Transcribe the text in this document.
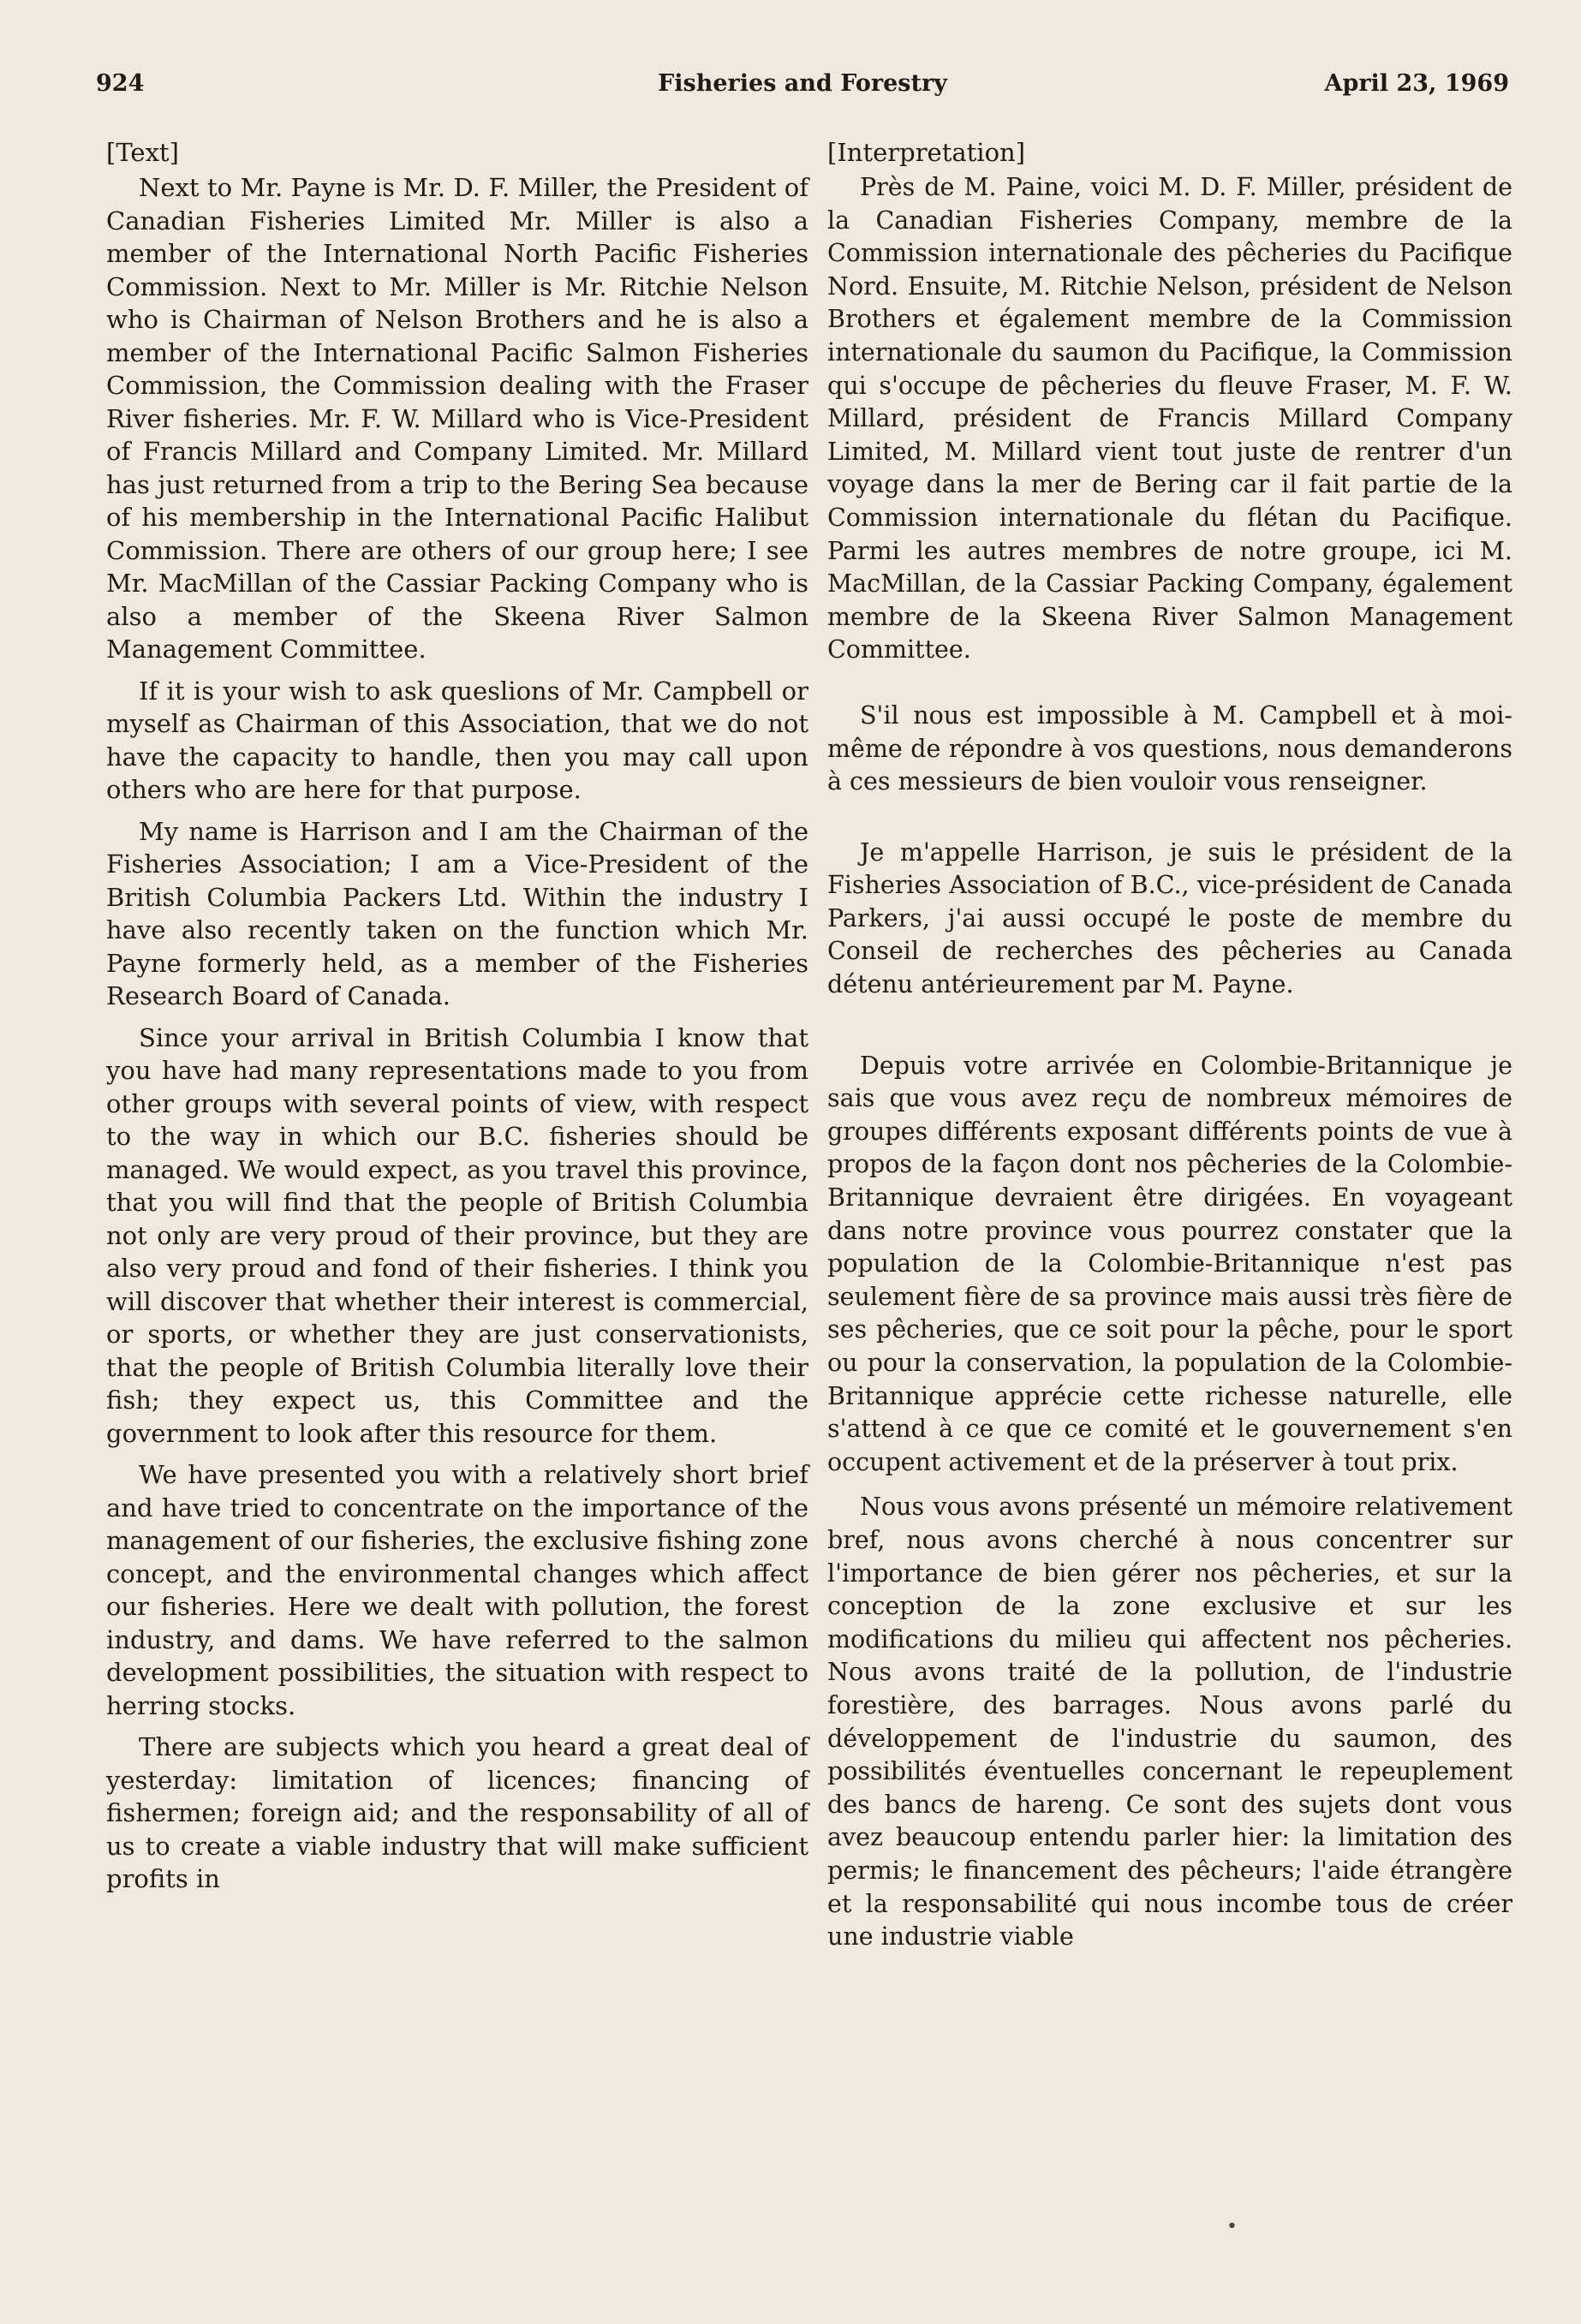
Fisheries and Forestry
924	April 23, 1969
[Text]

Next to Mr. Payne is Mr. D. F. Miller, the President of Canadian Fisheries Limited Mr. Miller is also a member of the International North Pacific Fisheries Commission. Next to Mr. Miller is Mr. Ritchie Nelson who is Chairman of Nelson Brothers and he is also a member of the International Pacific Salmon Fisheries Commission, the Commission dealing with the Fraser River fisheries. Mr. F. W. Millard who is Vice-President of Francis Millard and Company Limited. Mr. Millard has just returned from a trip to the Bering Sea because of his membership in the International Pacific Halibut Commission. There are others of our group here; I see Mr. MacMillan of the Cassiar Packing Company who is also a member of the Skeena River Salmon Management Committee.

If it is your wish to ask queslions of Mr. Campbell or myself as Chairman of this Association, that we do not have the capacity to handle, then you may call upon others who are here for that purpose.

My name is Harrison and I am the Chairman of the Fisheries Association; I am a Vice-President of the British Columbia Packers Ltd. Within the industry I have also recently taken on the function which Mr. Payne formerly held, as a member of the Fisheries Research Board of Canada.

Since your arrival in British Columbia I know that you have had many representations made to you from other groups with several points of view, with respect to the way in which our B.C. fisheries should be managed. We would expect, as you travel this province, that you will find that the people of British Columbia not only are very proud of their province, but they are also very proud and fond of their fisheries. I think you will discover that whether their interest is commercial, or sports, or whether they are just conservationists, that the people of British Columbia literally love their fish; they expect us, this Committee and the government to look after this resource for them.

We have presented you with a relatively short brief and have tried to concentrate on the importance of the management of our fisheries, the exclusive fishing zone concept, and the environmental changes which affect our fisheries. Here we dealt with pollution, the forest industry, and dams. We have referred to the salmon development possibilities, the situation with respect to herring stocks.

There are subjects which you heard a great deal of yesterday: limitation of licences; financing of fishermen; foreign aid; and the responsability of all of us to create a viable industry that will make sufficient profits in

[Interpretation]

Près de M. Paine, voici M. D. F. Miller, président de la Canadian Fisheries Company, membre de la Commission internationale des pêcheries du Pacifique Nord. Ensuite, M. Ritchie Nelson, président de Nelson Brothers et également membre de la Commission internationale du saumon du Pacifique, la Commission qui s'occupe de pêcheries du fleuve Fraser, M. F. W. Millard, président de Francis Millard Company Limited, M. Millard vient tout juste de rentrer d'un voyage dans la mer de Bering car il fait partie de la Commission internationale du flétan du Pacifique. Parmi les autres membres de notre groupe, ici M. MacMillan, de la Cassiar Packing Company, également membre de la Skeena River Salmon Management Committee.

S'il nous est impossible à M. Campbell et à moi-même de répondre à vos questions, nous demanderons à ces messieurs de bien vouloir vous renseigner.

Je m'appelle Harrison, je suis le président de la Fisheries Association of B.C., vice-président de Canada Parkers, j'ai aussi occupé le poste de membre du Conseil de recherches des pêcheries au Canada détenu antérieurement par M. Payne.

Depuis votre arrivée en Colombie-Britannique je sais que vous avez reçu de nombreux mémoires de groupes différents exposant différents points de vue à propos de la façon dont nos pêcheries de la Colombie-Britannique devraient être dirigées. En voyageant dans notre province vous pourrez constater que la population de la Colombie-Britannique n'est pas seulement fière de sa province mais aussi très fière de ses pêcheries, que ce soit pour la pêche, pour le sport ou pour la conservation, la population de la Colombie-Britannique apprécie cette richesse naturelle, elle s'attend à ce que ce comité et le gouvernement s'en occupent activement et de la préserver à tout prix.

Nous vous avons présenté un mémoire relativement bref, nous avons cherché à nous concentrer sur l'importance de bien gérer nos pêcheries, et sur la conception de la zone exclusive et sur les modifications du milieu qui affectent nos pêcheries. Nous avons traité de la pollution, de l'industrie forestière, des barrages. Nous avons parlé du développement de l'industrie du saumon, des possibilités éventuelles concernant le repeuplement des bancs de hareng. Ce sont des sujets dont vous avez beaucoup entendu parler hier: la limitation des permis; le financement des pêcheurs; l'aide étrangère et la responsabilité qui nous incombe tous de créer une industrie viable

•
